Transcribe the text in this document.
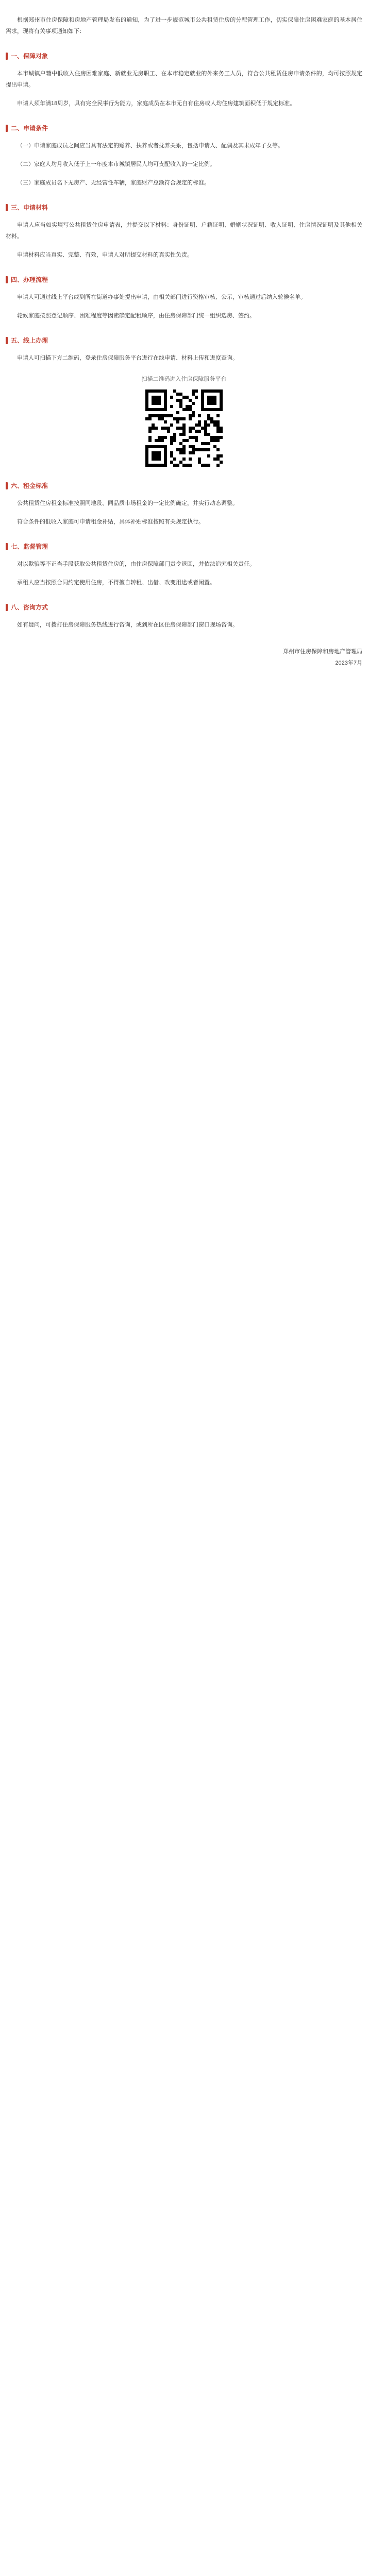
根据郑州市住房保障和房地产管理局发布的通知，为了进一步规范城市公共租赁住房的分配管理工作，切实保障住房困难家庭的基本居住需求，现将有关事项通知如下：

一、保障对象

本市城镇户籍中低收入住房困难家庭、新就业无房职工、在本市稳定就业的外来务工人员，符合公共租赁住房申请条件的，均可按照规定提出申请。

申请人须年满18周岁，具有完全民事行为能力，家庭成员在本市无自有住房或人均住房建筑面积低于规定标准。

二、申请条件

（一）申请家庭成员之间应当具有法定的赡养、扶养或者抚养关系，包括申请人、配偶及其未成年子女等。

（二）家庭人均月收入低于上一年度本市城镇居民人均可支配收入的一定比例。

（三）家庭成员名下无房产、无经营性车辆，家庭财产总额符合规定的标准。

三、申请材料

申请人应当如实填写公共租赁住房申请表，并提交以下材料：身份证明、户籍证明、婚姻状况证明、收入证明、住房情况证明及其他相关材料。

申请材料应当真实、完整、有效，申请人对所提交材料的真实性负责。

四、办理流程

申请人可通过线上平台或到所在街道办事处提出申请，由相关部门进行资格审核、公示，审核通过后纳入轮候名单。

轮候家庭按照登记顺序、困难程度等因素确定配租顺序，由住房保障部门统一组织选房、签约。

五、线上办理

申请人可扫描下方二维码，登录住房保障服务平台进行在线申请、材料上传和进度查询。

扫描二维码进入住房保障服务平台
六、租金标准

公共租赁住房租金标准按照同地段、同品质市场租金的一定比例确定，并实行动态调整。

符合条件的低收入家庭可申请租金补贴，具体补贴标准按照有关规定执行。

七、监督管理

对以欺骗等不正当手段获取公共租赁住房的，由住房保障部门责令退回，并依法追究相关责任。

承租人应当按照合同约定使用住房，不得擅自转租、出借、改变用途或者闲置。

八、咨询方式

如有疑问，可拨打住房保障服务热线进行咨询，或到所在区住房保障部门窗口现场咨询。

郑州市住房保障和房地产管理局
2023年7月
